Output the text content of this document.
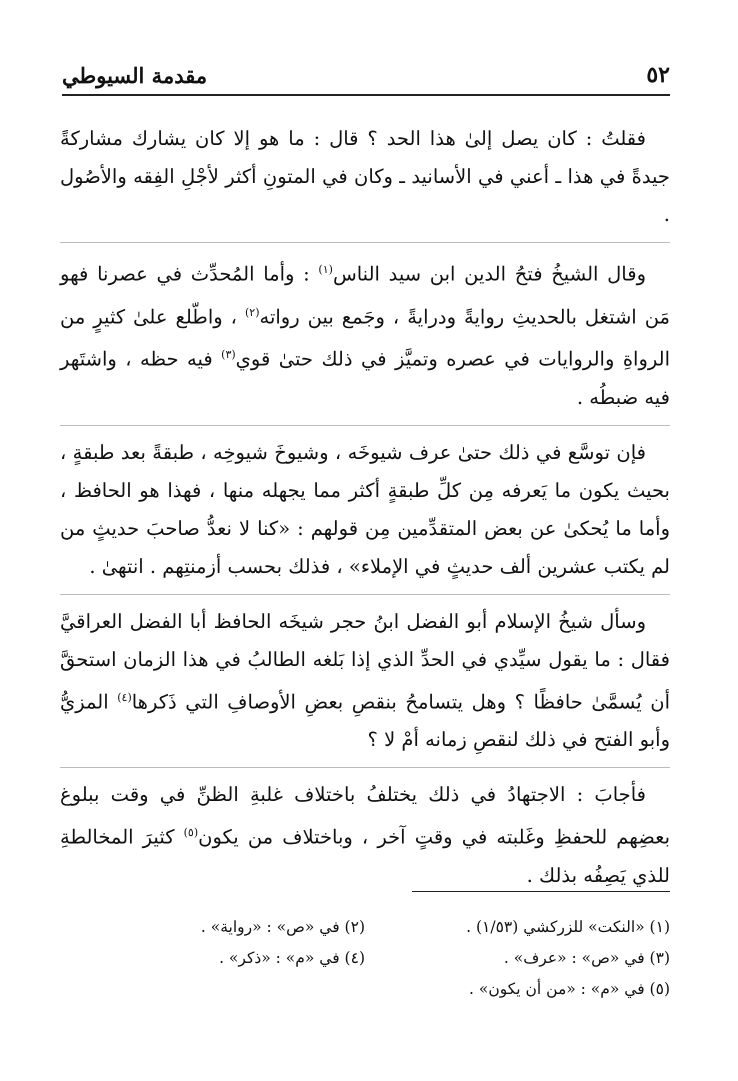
٥٢
مقدمة السيوطي

فقلتُ : كان يصل إلىٰ هذا الحد ؟ قال : ما هو إلا كان يشارك مشاركةً جيدةً في هذا ـ أعني في الأسانيد ـ وكان في المتونِ أكثر لأجْلِ الفِقه والأصُول .

وقال الشيخُ فتحُ الدين ابن سيد الناس$^{(١)}$ : وأما المُحدِّث في عصرنا فهو مَن اشتغل بالحديثِ روايةً ودرايةً ، وجَمع بين رواته$^{(٢)}$ ، واطّلع علىٰ كثيرٍ من الرواةِ والروايات في عصره وتميَّز في ذلك حتىٰ قوي$^{(٣)}$ فيه حظه ، واشتَهر فيه ضبطُه .

فإن توسَّع في ذلك حتىٰ عرف شيوخَه ، وشيوخَ شيوخِه ، طبقةً بعد طبقةٍ ، بحيث يكون ما يَعرفه مِن كلِّ طبقةٍ أكثر مما يجهله منها ، فهذا هو الحافظ ، وأما ما يُحكىٰ عن بعض المتقدِّمين مِن قولهم : «كنا لا نعدُّ صاحبَ حديثٍ من لم يكتب عشرين ألف حديثٍ في الإملاء» ، فذلك بحسب أزمنتِهم . انتهىٰ .

وسأل شيخُ الإسلام أبو الفضل ابنُ حجر شيخَه الحافظ أبا الفضل العراقيَّ فقال : ما يقول سيِّدي في الحدِّ الذي إذا بَلغه الطالبُ في هذا الزمان استحقَّ أن يُسمَّىٰ حافظًا ؟ وهل يتسامحُ بنقصِ بعضِ الأوصافِ التي ذَكرها$^{(٤)}$ المزيُّ وأبو الفتح في ذلك لنقصِ زمانه أمْ لا ؟

فأجابَ : الاجتهادُ في ذلك يختلفُ باختلاف غلبةِ الظنِّ في وقت ببلوغ بعضِهم للحفظِ وغَلبته في وقتٍ آخر ، وباختلاف من يكون$^{(٥)}$ كثيرَ المخالطةِ للذي يَصِفُه بذلك .

(١) «النكت» للزركشي (١/٥٣) .
(٢) في «ص» : «رواية» .
(٣) في «ص» : «عرف» .
(٤) في «م» : «ذكر» .
(٥) في «م» : «من أن يكون» .
